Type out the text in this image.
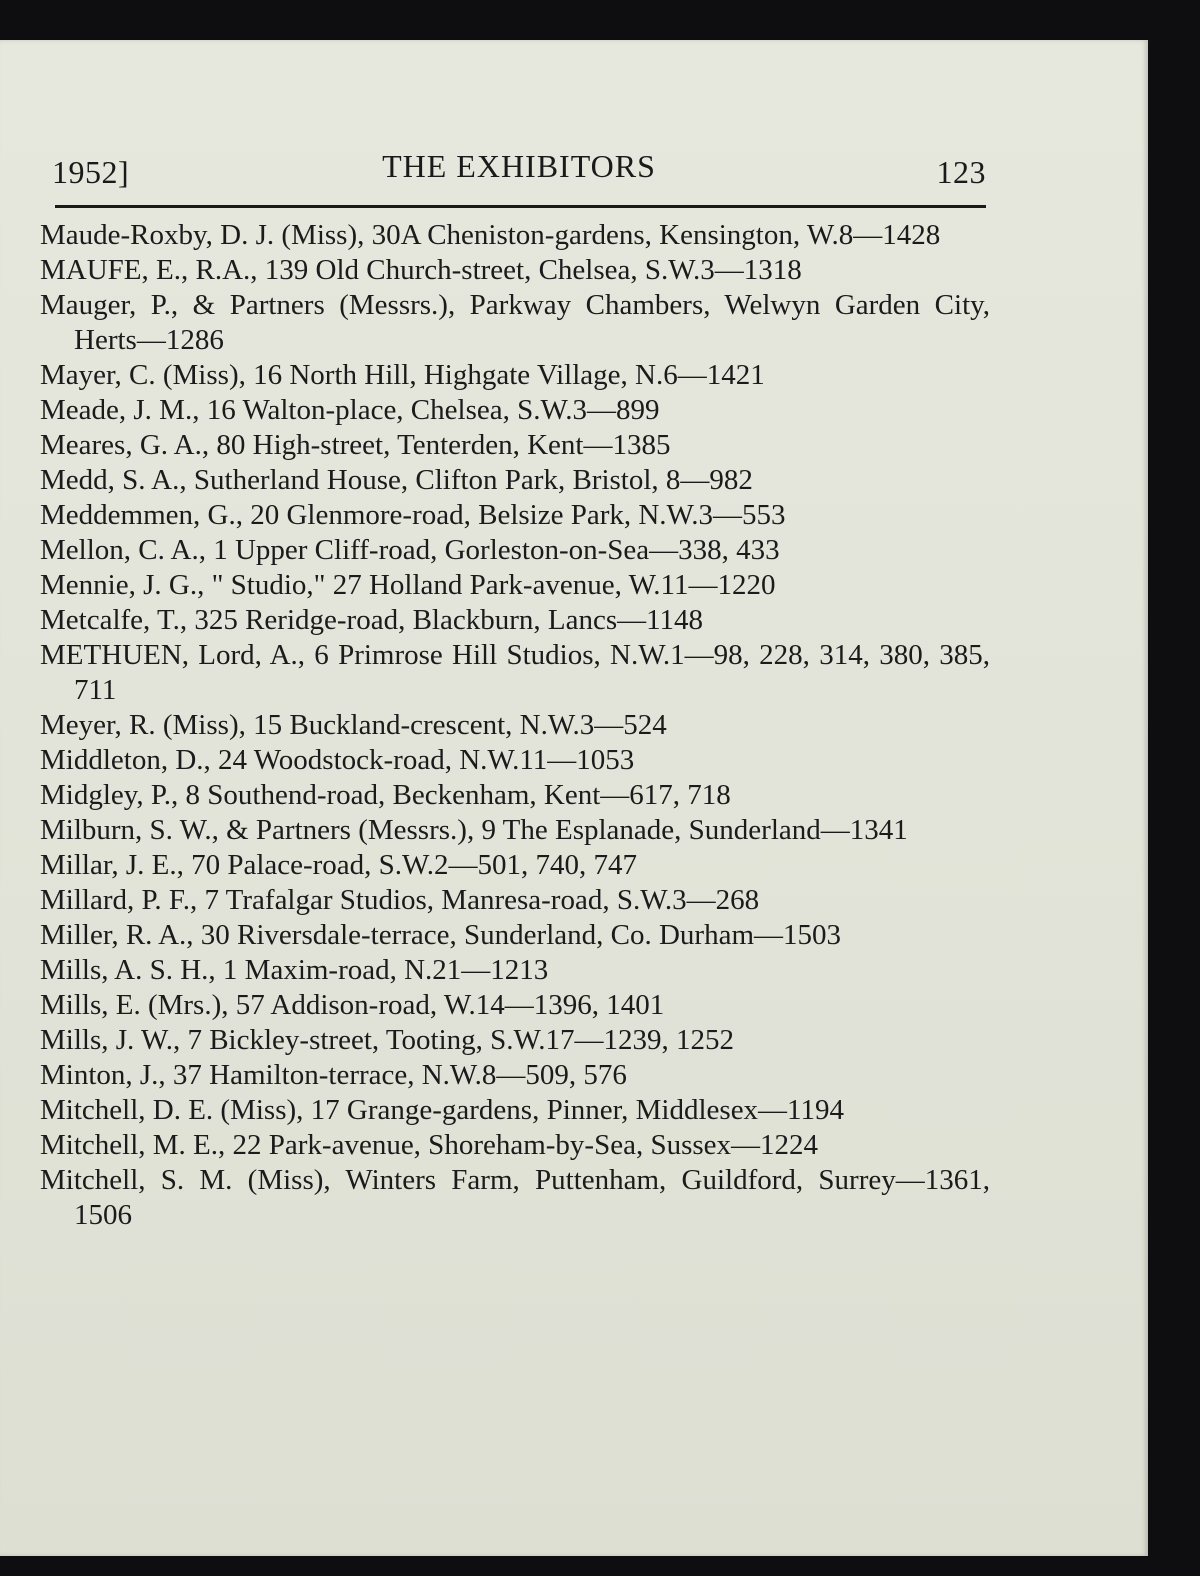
1952]	THE EXHIBITORS	123
Maude-Roxby, D. J. (Miss), 30A Cheniston-gardens, Kensington, W.8—1428
MAUFE, E., R.A., 139 Old Church-street, Chelsea, S.W.3—1318
Mauger, P., & Partners (Messrs.), Parkway Chambers, Welwyn Garden City, Herts—1286
Mayer, C. (Miss), 16 North Hill, Highgate Village, N.6—1421
Meade, J. M., 16 Walton-place, Chelsea, S.W.3—899
Meares, G. A., 80 High-street, Tenterden, Kent—1385
Medd, S. A., Sutherland House, Clifton Park, Bristol, 8—982
Meddemmen, G., 20 Glenmore-road, Belsize Park, N.W.3—553
Mellon, C. A., 1 Upper Cliff-road, Gorleston-on-Sea—338, 433
Mennie, J. G., " Studio," 27 Holland Park-avenue, W.11—1220
Metcalfe, T., 325 Reridge-road, Blackburn, Lancs—1148
METHUEN, Lord, A., 6 Primrose Hill Studios, N.W.1—98, 228, 314, 380, 385, 711
Meyer, R. (Miss), 15 Buckland-crescent, N.W.3—524
Middleton, D., 24 Woodstock-road, N.W.11—1053
Midgley, P., 8 Southend-road, Beckenham, Kent—617, 718
Milburn, S. W., & Partners (Messrs.), 9 The Esplanade, Sunderland—1341
Millar, J. E., 70 Palace-road, S.W.2—501, 740, 747
Millard, P. F., 7 Trafalgar Studios, Manresa-road, S.W.3—268
Miller, R. A., 30 Riversdale-terrace, Sunderland, Co. Durham—1503
Mills, A. S. H., 1 Maxim-road, N.21—1213
Mills, E. (Mrs.), 57 Addison-road, W.14—1396, 1401
Mills, J. W., 7 Bickley-street, Tooting, S.W.17—1239, 1252
Minton, J., 37 Hamilton-terrace, N.W.8—509, 576
Mitchell, D. E. (Miss), 17 Grange-gardens, Pinner, Middlesex—1194
Mitchell, M. E., 22 Park-avenue, Shoreham-by-Sea, Sussex—1224
Mitchell, S. M. (Miss), Winters Farm, Puttenham, Guildford, Surrey—1361, 1506
